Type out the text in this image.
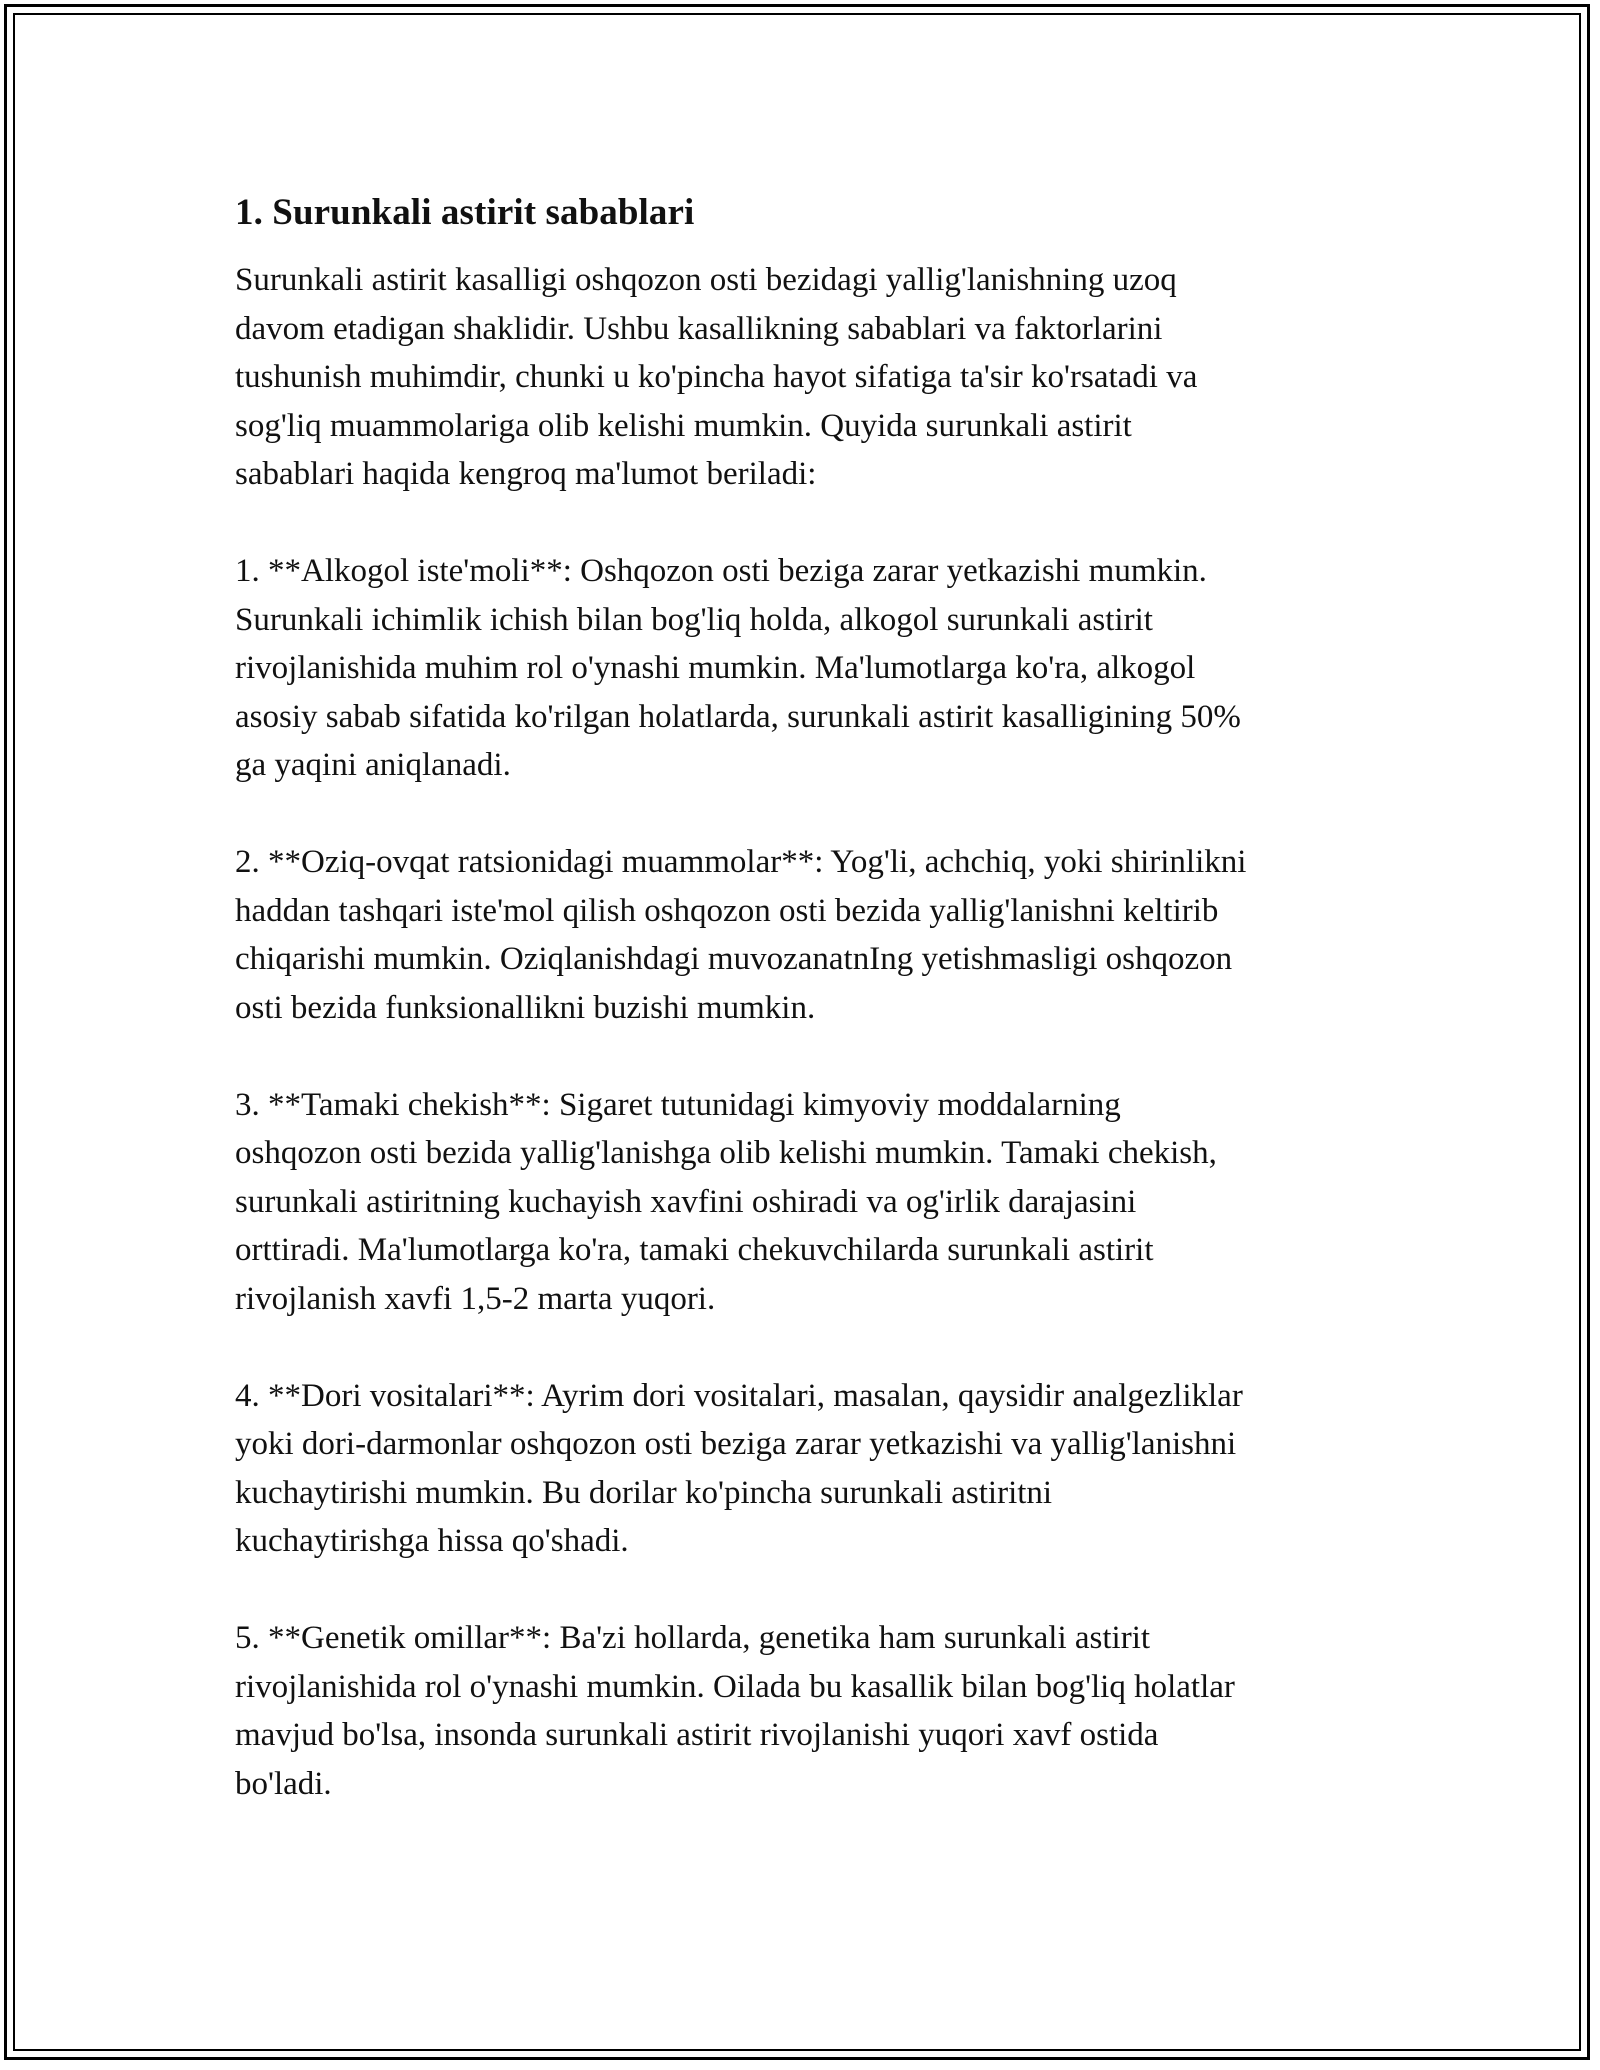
1. Surunkali astirit sabablari

Surunkali astirit kasalligi oshqozon osti bezidagi yallig'lanishning uzoq
davom etadigan shaklidir. Ushbu kasallikning sabablari va faktorlarini
tushunish muhimdir, chunki u ko'pincha hayot sifatiga ta'sir ko'rsatadi va
sog'liq muammolariga olib kelishi mumkin. Quyida surunkali astirit
sabablari haqida kengroq ma'lumot beriladi:

1. **Alkogol iste'moli**: Oshqozon osti beziga zarar yetkazishi mumkin.
Surunkali ichimlik ichish bilan bog'liq holda, alkogol surunkali astirit
rivojlanishida muhim rol o'ynashi mumkin. Ma'lumotlarga ko'ra, alkogol
asosiy sabab sifatida ko'rilgan holatlarda, surunkali astirit kasalligining 50%
ga yaqini aniqlanadi.

2. **Oziq-ovqat ratsionidagi muammolar**: Yog'li, achchiq, yoki shirinlikni
haddan tashqari iste'mol qilish oshqozon osti bezida yallig'lanishni keltirib
chiqarishi mumkin. Oziqlanishdagi muvozanatnIng yetishmasligi oshqozon
osti bezida funksionallikni buzishi mumkin.

3. **Tamaki chekish**: Sigaret tutunidagi kimyoviy moddalarning
oshqozon osti bezida yallig'lanishga olib kelishi mumkin. Tamaki chekish,
surunkali astiritning kuchayish xavfini oshiradi va og'irlik darajasini
orttiradi. Ma'lumotlarga ko'ra, tamaki chekuvchilarda surunkali astirit
rivojlanish xavfi 1,5-2 marta yuqori.

4. **Dori vositalari**: Ayrim dori vositalari, masalan, qaysidir analgezliklar
yoki dori-darmonlar oshqozon osti beziga zarar yetkazishi va yallig'lanishni
kuchaytirishi mumkin. Bu dorilar ko'pincha surunkali astiritni
kuchaytirishga hissa qo'shadi.

5. **Genetik omillar**: Ba'zi hollarda, genetika ham surunkali astirit
rivojlanishida rol o'ynashi mumkin. Oilada bu kasallik bilan bog'liq holatlar
mavjud bo'lsa, insonda surunkali astirit rivojlanishi yuqori xavf ostida
bo'ladi.
